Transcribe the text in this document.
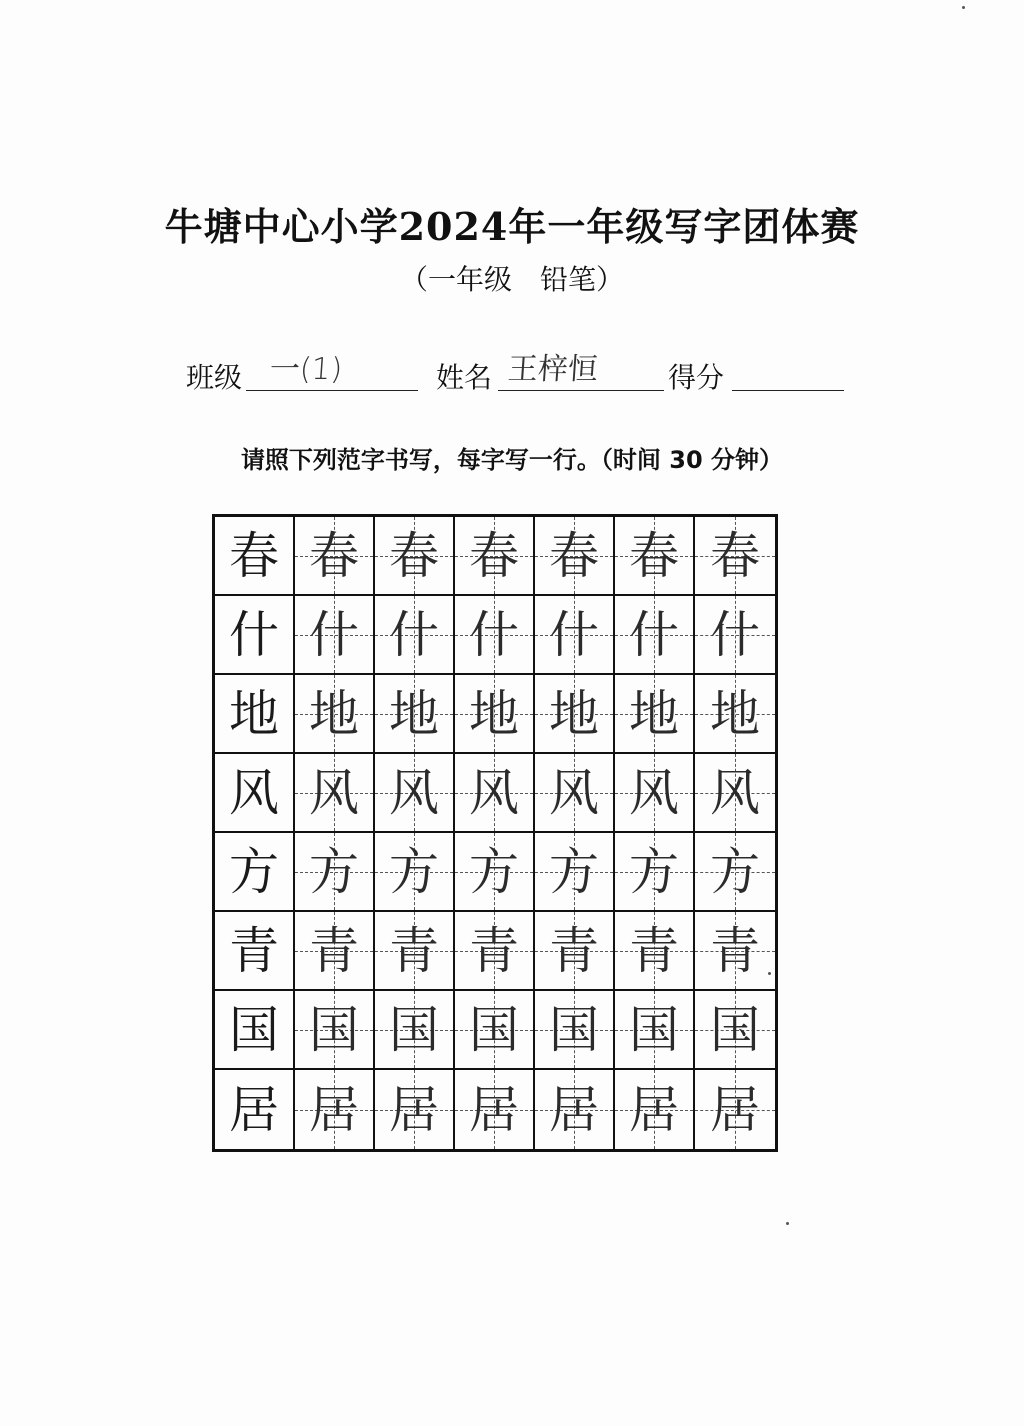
牛塘中心小学2024年一年级写字团体赛
（一年级　铅笔）
班级 一(1)	姓名 王梓恒 得分
请照下列范字书写，每字写一行。（时间 30 分钟）
春 春 春 春 春 春 春
什 什 什 什 什 什 什
地 地 地 地 地 地 地
风 风 风 风 风 风 风
方 方 方 方 方 方 方
青 青 青 青 青 青 青
国 国 国 国 国 国 国
居 居 居 居 居 居 居
